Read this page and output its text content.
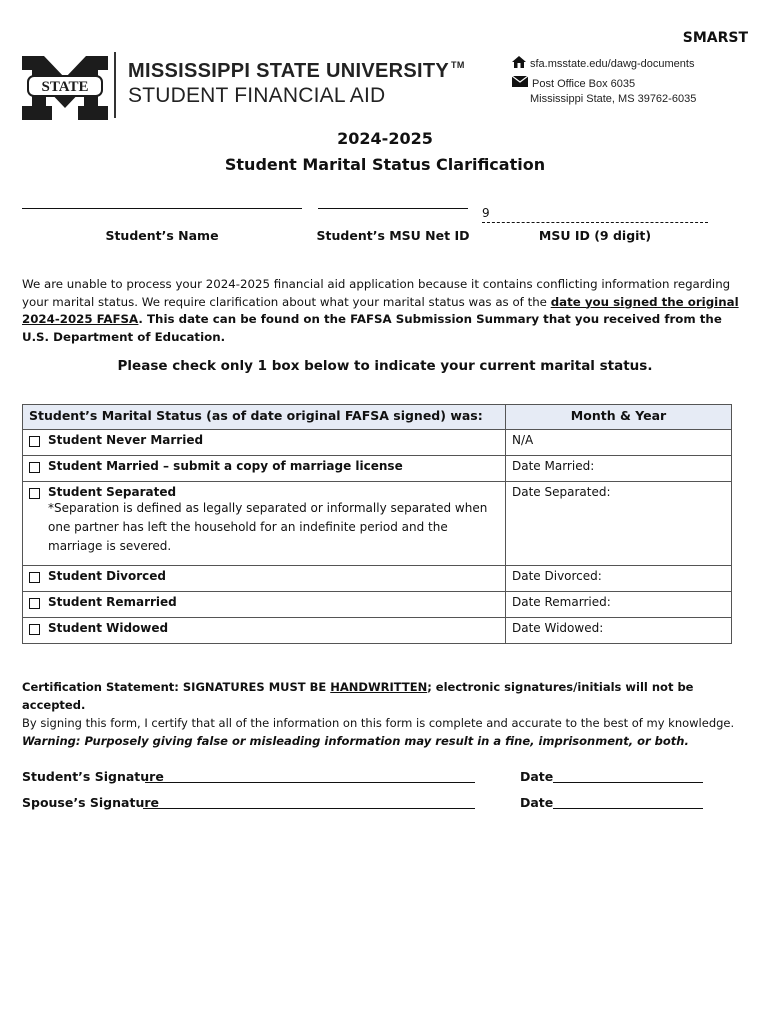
SMARST
STATE
MISSISSIPPI STATE UNIVERSITY ™
STUDENT FINANCIAL AID
sfa.msstate.edu/dawg-documents
Post Office Box 6035
Mississippi State, MS 39762-6035
2024-2025
Student Marital Status Clarification
Student’s Name	Student’s MSU Net ID
9
MSU ID (9 digit)
We are unable to process your 2024-2025 financial aid application because it contains conflicting information regarding your marital status. We require clarification about what your marital status was as of the date you signed the original 2024-2025 FAFSA. This date can be found on the FAFSA Submission Summary that you received from the U.S. Department of Education.
Please check only 1 box below to indicate your current marital status.
Student’s Marital Status (as of date original FAFSA signed) was:	Month & Year

Student Never Married	N/A

Student Married – submit a copy of marriage license	Date Married:

Student Separated
*Separation is defined as legally separated or informally separated when one partner has left the household for an indefinite period and the marriage is severed.	Date Separated:

Student Divorced	Date Divorced:

Student Remarried	Date Remarried:

Student Widowed	Date Widowed:
Certification Statement: SIGNATURES MUST BE HANDWRITTEN; electronic signatures/initials will not be accepted.
By signing this form, I certify that all of the information on this form is complete and accurate to the best of my knowledge.
Warning: Purposely giving false or misleading information may result in a fine, imprisonment, or both.
Student’s Signature	Date
Spouse’s Signature	Date
